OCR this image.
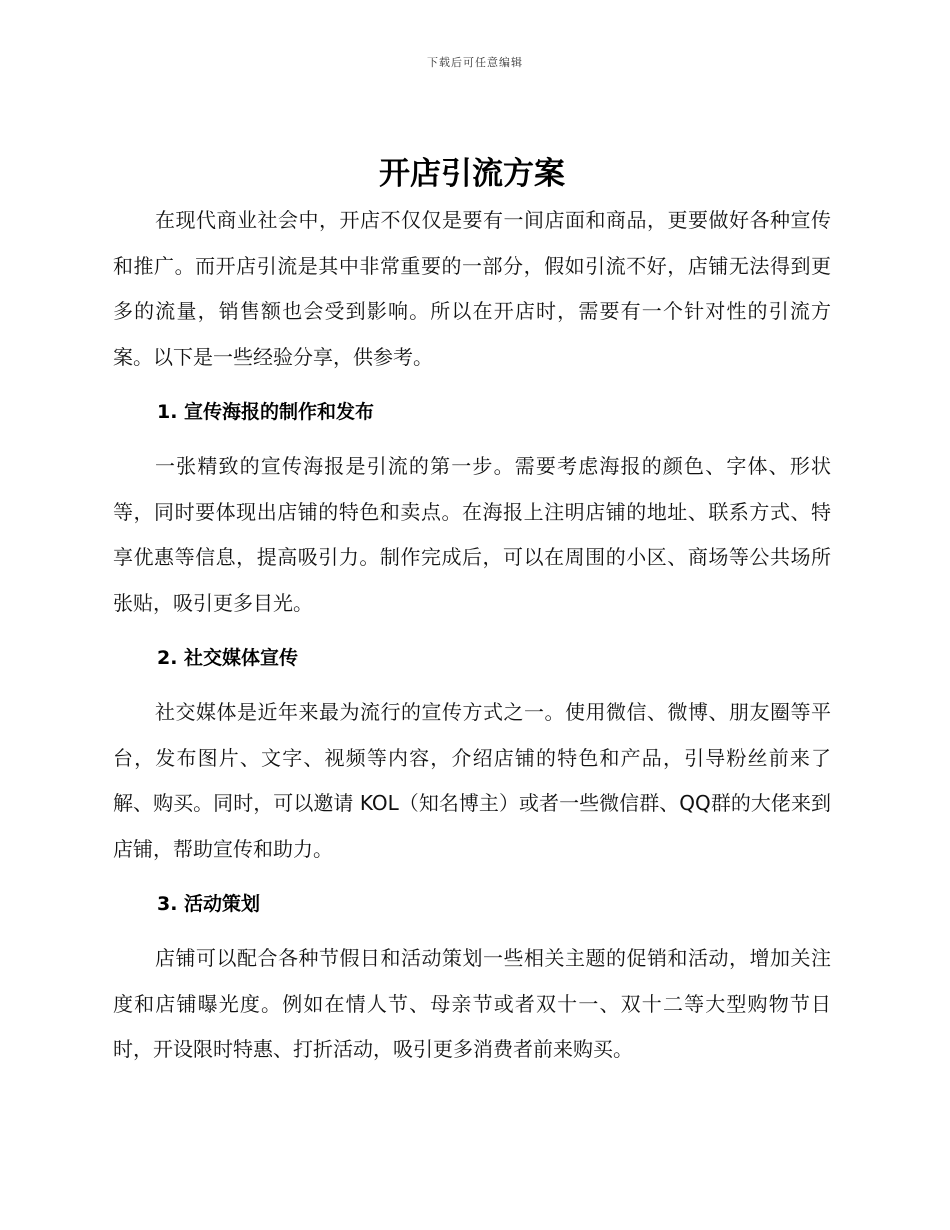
下载后可任意编辑
开店引流方案

在现代商业社会中，开店不仅仅是要有一间店面和商品，更要做好各种宣传和推广。而开店引流是其中非常重要的一部分，假如引流不好，店铺无法得到更多的流量，销售额也会受到影响。所以在开店时，需要有一个针对性的引流方案。以下是一些经验分享，供参考。

1. 宣传海报的制作和发布

一张精致的宣传海报是引流的第一步。需要考虑海报的颜色、字体、形状等，同时要体现出店铺的特色和卖点。在海报上注明店铺的地址、联系方式、特享优惠等信息，提高吸引力。制作完成后，可以在周围的小区、商场等公共场所张贴，吸引更多目光。

2. 社交媒体宣传

社交媒体是近年来最为流行的宣传方式之一。使用微信、微博、朋友圈等平台，发布图片、文字、视频等内容，介绍店铺的特色和产品，引导粉丝前来了解、购买。同时，可以邀请 KOL（知名博主）或者一些微信群、QQ群的大佬来到店铺，帮助宣传和助力。

3. 活动策划

店铺可以配合各种节假日和活动策划一些相关主题的促销和活动，增加关注度和店铺曝光度。例如在情人节、母亲节或者双十一、双十二等大型购物节日时，开设限时特惠、打折活动，吸引更多消费者前来购买。
